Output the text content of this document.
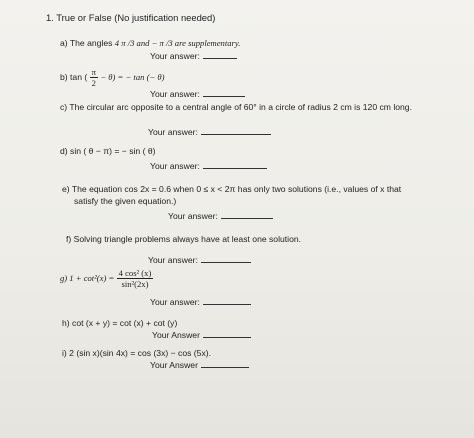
1. True or False (No justification needed)
a) The angles 4 π /3 and − π /3 are supplementary.
Your answer:
b) tan ( $\frac{\pi}{2} - \theta$) = − tan (− θ)
Your answer:
c) The circular arc opposite to a central angle of 60° in a circle of radius 2 cm is 120 cm long.
Your answer:
d) sin ( θ − π) = − sin ( θ)
Your answer:
e) The equation cos 2x = 0.6 when 0 ≤ x < 2π has only two solutions (i.e., values of x that
satisfy the given equation.)
Your answer:
f) Solving triangle problems always have at least one solution.
Your answer:
g) $1 + \cot^2(x) = \frac{\text{4 cos² (x)}}{\text{sin²(2x)}}$
Your answer:
h) cot (x + y) = cot (x) + cot (y)
Your Answer
i) 2 (sin x)(sin 4x) = cos (3x) − cos (5x).
Your Answer
